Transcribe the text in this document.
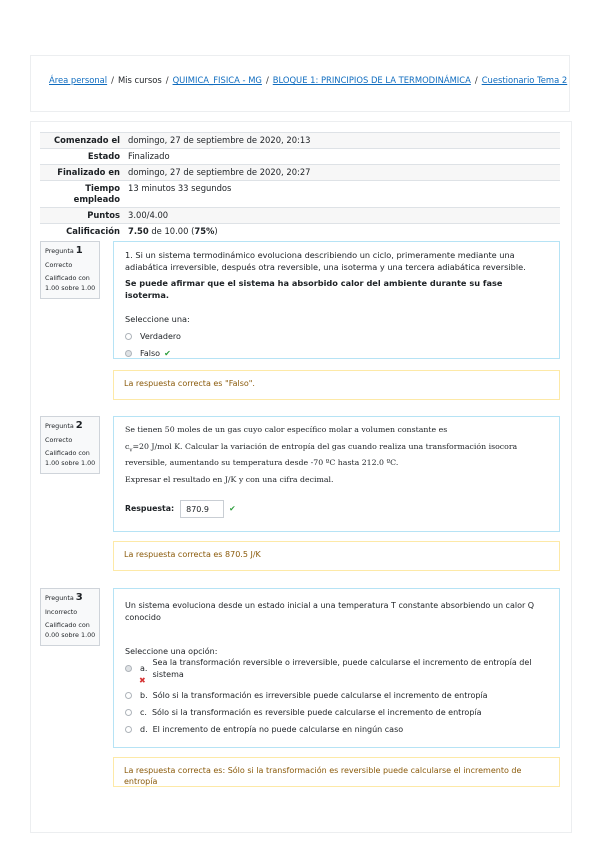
Área personal / Mis cursos / QUIMICA_FISICA - MG / BLOQUE 1: PRINCIPIOS DE LA TERMODINÁMICA / Cuestionario Tema 2
Comenzado el	domingo, 27 de septiembre de 2020, 20:13
Estado	Finalizado
Finalizado en	domingo, 27 de septiembre de 2020, 20:27
Tiempo empleado	13 minutos 33 segundos
Puntos	3.00/4.00
Calificación	7.50 de 10.00 (75%)
Pregunta 1
Correcto
Calificado con 1.00 sobre 1.00
1. Si un sistema termodinámico evoluciona describiendo un ciclo, primeramente mediante una adiabática irreversible, después otra reversible, una isoterma y una tercera adiabática reversible.
Se puede afirmar que el sistema ha absorbido calor del ambiente durante su fase isoterma.
Seleccione una:
Verdadero
Falso ✔
La respuesta correcta es "Falso".
Pregunta 2
Correcto
Calificado con 1.00 sobre 1.00
Se tienen 50 moles de un gas cuyo calor específico molar a volumen constante es
$c_v=20$ J/mol K. Calcular la variación de entropía del gas cuando realiza una transformación isocora reversible, aumentando su temperatura desde -70 ºC hasta 212.0 ºC.
Expresar el resultado en J/K y con una cifra decimal.
Respuesta:	870.9	✔
La respuesta correcta es 870.5 J/K
Pregunta 3
Incorrecto
Calificado con 0.00 sobre 1.00
Un sistema evoluciona desde un estado inicial a una temperatura T constante absorbiendo un calor Q conocido
Seleccione una opción:
a.
Sea la transformación reversible o irreversible, puede calcularse el incremento de entropía del sistema
✖
b. Sólo si la transformación es irreversible puede calcularse el incremento de entropía
c. Sólo si la transformación es reversible puede calcularse el incremento de entropía
d. El incremento de entropía no puede calcularse en ningún caso
La respuesta correcta es: Sólo si la transformación es reversible puede calcularse el incremento de entropía
